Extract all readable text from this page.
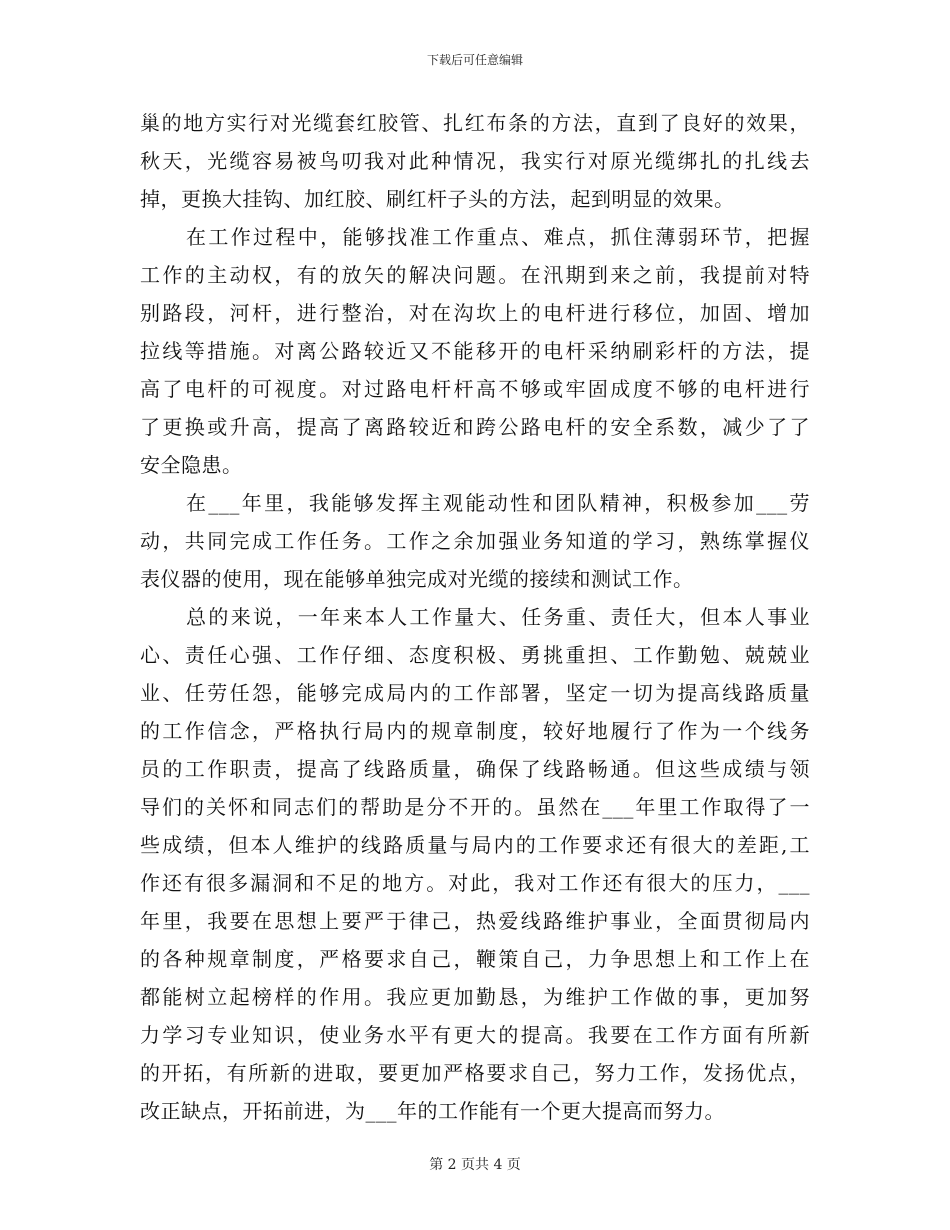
下载后可任意编辑
巢的地方实行对光缆套红胶管、扎红布条的方法，直到了良好的效果，
秋天，光缆容易被鸟叨我对此种情况，我实行对原光缆绑扎的扎线去
掉，更换大挂钩、加红胶、刷红杆子头的方法，起到明显的效果。
在工作过程中，能够找准工作重点、难点，抓住薄弱环节，把握
工作的主动权，有的放矢的解决问题。在汛期到来之前，我提前对特
别路段，河杆，进行整治，对在沟坎上的电杆进行移位，加固、增加
拉线等措施。对离公路较近又不能移开的电杆采纳刷彩杆的方法，提
高了电杆的可视度。对过路电杆杆高不够或牢固成度不够的电杆进行
了更换或升高，提高了离路较近和跨公路电杆的安全系数，减少了了
安全隐患。
在___年里，我能够发挥主观能动性和团队精神，积极参加___劳
动，共同完成工作任务。工作之余加强业务知道的学习，熟练掌握仪
表仪器的使用，现在能够单独完成对光缆的接续和测试工作。
总的来说，一年来本人工作量大、任务重、责任大，但本人事业
心、责任心强、工作仔细、态度积极、勇挑重担、工作勤勉、兢兢业
业、任劳任怨，能够完成局内的工作部署，坚定一切为提高线路质量
的工作信念，严格执行局内的规章制度，较好地履行了作为一个线务
员的工作职责，提高了线路质量，确保了线路畅通。但这些成绩与领
导们的关怀和同志们的帮助是分不开的。虽然在___年里工作取得了一
些成绩，但本人维护的线路质量与局内的工作要求还有很大的差距,工
作还有很多漏洞和不足的地方。对此，我对工作还有很大的压力，___
年里，我要在思想上要严于律己，热爱线路维护事业，全面贯彻局内
的各种规章制度，严格要求自己，鞭策自己，力争思想上和工作上在
都能树立起榜样的作用。我应更加勤恳，为维护工作做的事，更加努
力学习专业知识，使业务水平有更大的提高。我要在工作方面有所新
的开拓，有所新的进取，要更加严格要求自己，努力工作，发扬优点，
改正缺点，开拓前进，为___年的工作能有一个更大提高而努力。
第 2 页共 4 页
